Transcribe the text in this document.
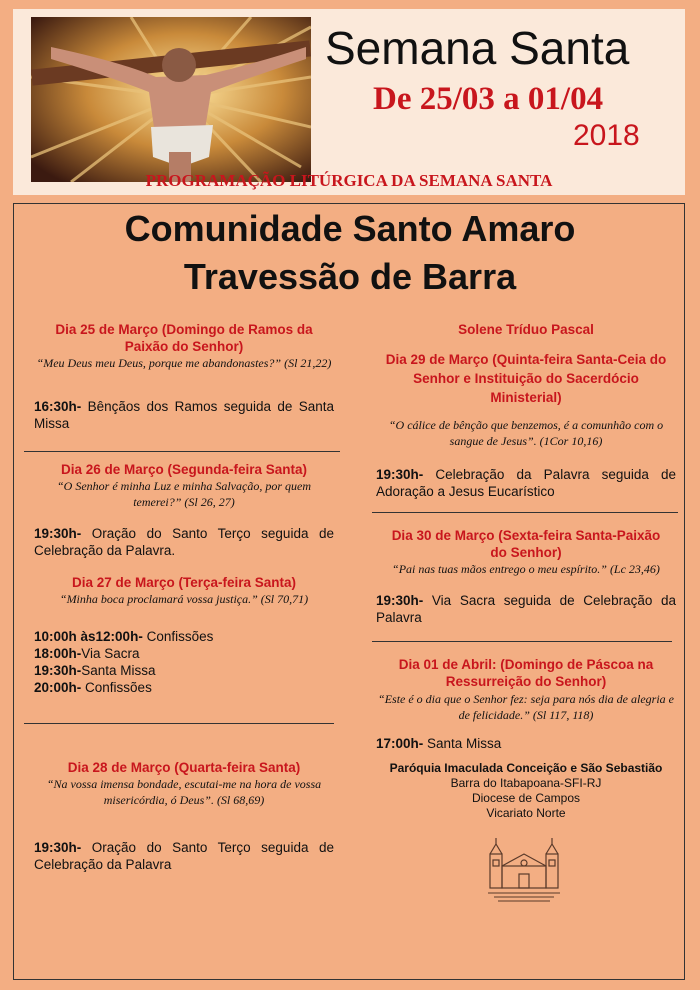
Semana Santa
De 25/03 a 01/04
2018
PROGRAMAÇÃO LITÚRGICA DA SEMANA SANTA
Comunidade Santo Amaro
Travessão de Barra
Dia 25 de Março (Domingo de Ramos da
Paixão do Senhor)
“Meu Deus meu Deus, porque me abandonastes?” (Sl 21,22)
16:30h- Bênçãos dos Ramos seguida de Santa
Missa
Dia 26 de Março (Segunda-feira Santa)
“O Senhor é minha Luz e minha Salvação, por quem
temerei?” (Sl 26, 27)
19:30h- Oração do Santo Terço seguida de
Celebração da Palavra.
Dia 27 de Março (Terça-feira Santa)
“Minha boca proclamará vossa justiça.” (Sl 70,71)
10:00h às12:00h- Confissões
18:00h-Via Sacra
19:30h-Santa Missa
20:00h- Confissões
Dia 28 de Março (Quarta-feira Santa)
“Na vossa imensa bondade, escutai-me na hora de vossa
misericórdia, ó Deus”. (Sl 68,69)
19:30h- Oração do Santo Terço seguida de
Celebração da Palavra
Solene Tríduo Pascal
Dia 29 de Março (Quinta-feira Santa-Ceia do
Senhor e Instituição do Sacerdócio
Ministerial)
“O cálice de bênção que benzemos, é a comunhão com o
sangue de Jesus”. (1Cor 10,16)
19:30h- Celebração da Palavra seguida de
Adoração a Jesus Eucarístico
Dia 30 de Março (Sexta-feira Santa-Paixão
do Senhor)
“Pai nas tuas mãos entrego o meu espírito.” (Lc 23,46)
19:30h- Via Sacra seguida de Celebração da
Palavra
Dia 01 de Abril: (Domingo de Páscoa na
Ressurreição do Senhor)
“Este é o dia que o Senhor fez: seja para nós dia de alegria e
de felicidade.” (Sl 117, 118)
17:00h- Santa Missa
Paróquia Imaculada Conceição e São Sebastião
Barra do Itabapoana-SFI-RJ
Diocese de Campos
Vicariato Norte
